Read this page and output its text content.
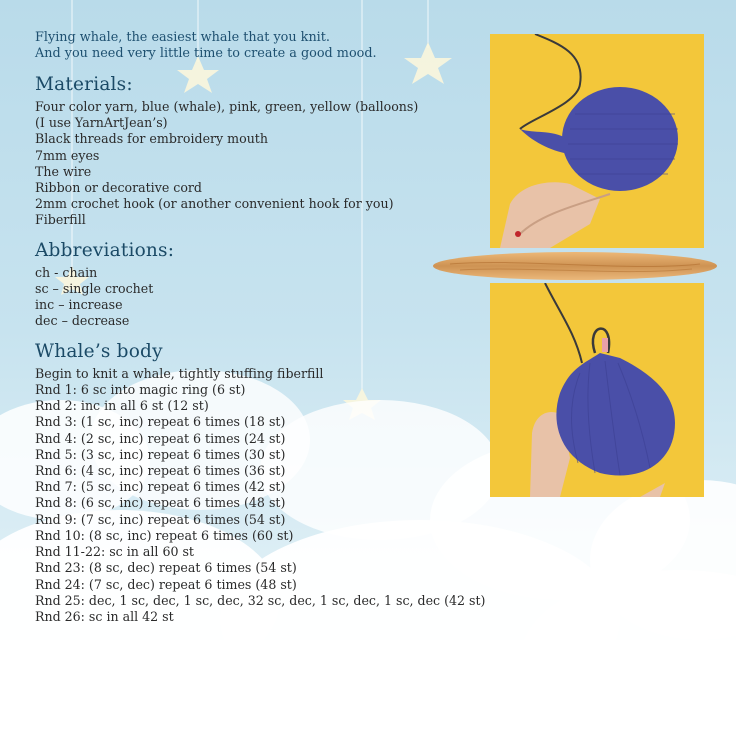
Flying whale, the easiest whale that you knit.
And you need very little time to create a good mood.

Materials:
Four color yarn, blue (whale), pink, green, yellow (balloons)
(I use YarnArtJean’s)
Black threads for embroidery mouth
7mm eyes
The wire
Ribbon or decorative cord
2mm crochet hook (or another convenient hook for you)
Fiberfill
Abbreviations:
ch - chain
sc – single crochet
inc – increase
dec – decrease
Whale’s body
Begin to knit a whale, tightly stuffing fiberfill
Rnd 1: 6 sc into magic ring (6 st)
Rnd 2: inc in all 6 st (12 st)
Rnd 3: (1 sc, inc) repeat 6 times (18 st)
Rnd 4: (2 sc, inc) repeat 6 times (24 st)
Rnd 5: (3 sc, inc) repeat 6 times (30 st)
Rnd 6: (4 sc, inc) repeat 6 times (36 st)
Rnd 7: (5 sc, inc) repeat 6 times (42 st)
Rnd 8: (6 sc, inc) repeat 6 times (48 st)
Rnd 9: (7 sc, inc) repeat 6 times (54 st)
Rnd 10: (8 sc, inc) repeat 6 times (60 st)
Rnd 11-22: sc in all 60 st
Rnd 23: (8 sc, dec) repeat 6 times (54 st)
Rnd 24: (7 sc, dec) repeat 6 times (48 st)
Rnd 25: dec, 1 sc, dec, 1 sc, dec, 32 sc, dec, 1 sc, dec, 1 sc, dec (42 st)
Rnd 26: sc in all 42 st
